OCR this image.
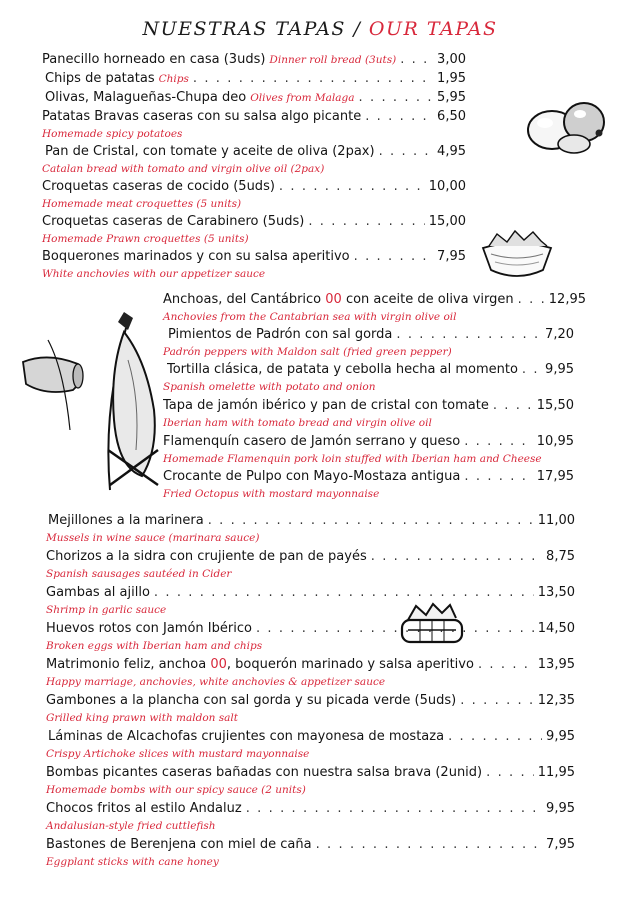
NUESTRAS TAPAS / OUR TAPAS
Panecillo horneado en casa (3uds) Dinner roll bread (3uts) . . .	3,00
Chips de patatas Chips . . .	1,95
Olivas, Malagueñas-Chupa deo Olives from Malaga . . .	5,95
Patatas Bravas caseras con su salsa algo picante . . .	6,50
Homemade spicy potatoes
Pan de Cristal, con tomate y aceite de oliva (2pax) . . .	4,95
Catalan bread with tomato and virgin olive oil (2pax)
Croquetas caseras de cocido (5uds) . . .	10,00
Homemade meat croquettes (5 units)
Croquetas caseras de Carabinero (5uds) . . .	15,00
Homemade Prawn croquettes (5 units)
Boquerones marinados y con su salsa aperitivo . . .	7,95
White anchovies with our appetizer sauce
Anchoas, del Cantábrico 00 con aceite de oliva virgen . . .	12,95
Anchovies from the Cantabrian sea with virgin olive oil
Pimientos de Padrón con sal gorda . . .	7,20
Padrón peppers with Maldon salt (fried green pepper)
Tortilla clásica, de patata y cebolla hecha al momento . . . 9,95
Spanish omelette with potato and onion
Tapa de jamón ibérico y pan de cristal con tomate . . .	15,50
Iberian ham with tomato bread and virgin olive oil
Flamenquín casero de Jamón serrano y queso . . .	10,95
Homemade Flamenquin pork loin stuffed with Iberian ham and Cheese
Crocante de Pulpo con Mayo-Mostaza antigua . . .	17,95
Fried Octopus with mostard mayonnaise
Mejillones a la marinera . . .	11,00
Mussels in wine sauce (marinara sauce)
Chorizos a la sidra con crujiente de pan de payés . . .	8,75
Spanish sausages sautéed in Cider
Gambas al ajillo . . .	13,50
Shrimp in garlic sauce
Huevos rotos con Jamón Ibérico . . .	14,50
Broken eggs with Iberian ham and chips
Matrimonio feliz, anchoa 00, boquerón marinado y salsa aperitivo . . .	13,95
Happy marriage, anchovies, white anchovies & appetizer sauce
Gambones a la plancha con sal gorda y su picada verde (5uds) . . .	12,35
Grilled king prawn with maldon salt
Láminas de Alcachofas crujientes con mayonesa de mostaza . . .	9,95
Crispy Artichoke slices with mustard mayonnaise
Bombas picantes caseras bañadas con nuestra salsa brava (2unid) . . .	11,95
Homemade bombs with our spicy sauce (2 units)
Chocos fritos al estilo Andaluz . . .	9,95
Andalusian-style fried cuttlefish
Bastones de Berenjena con miel de caña . . .	7,95
Eggplant sticks with cane honey
